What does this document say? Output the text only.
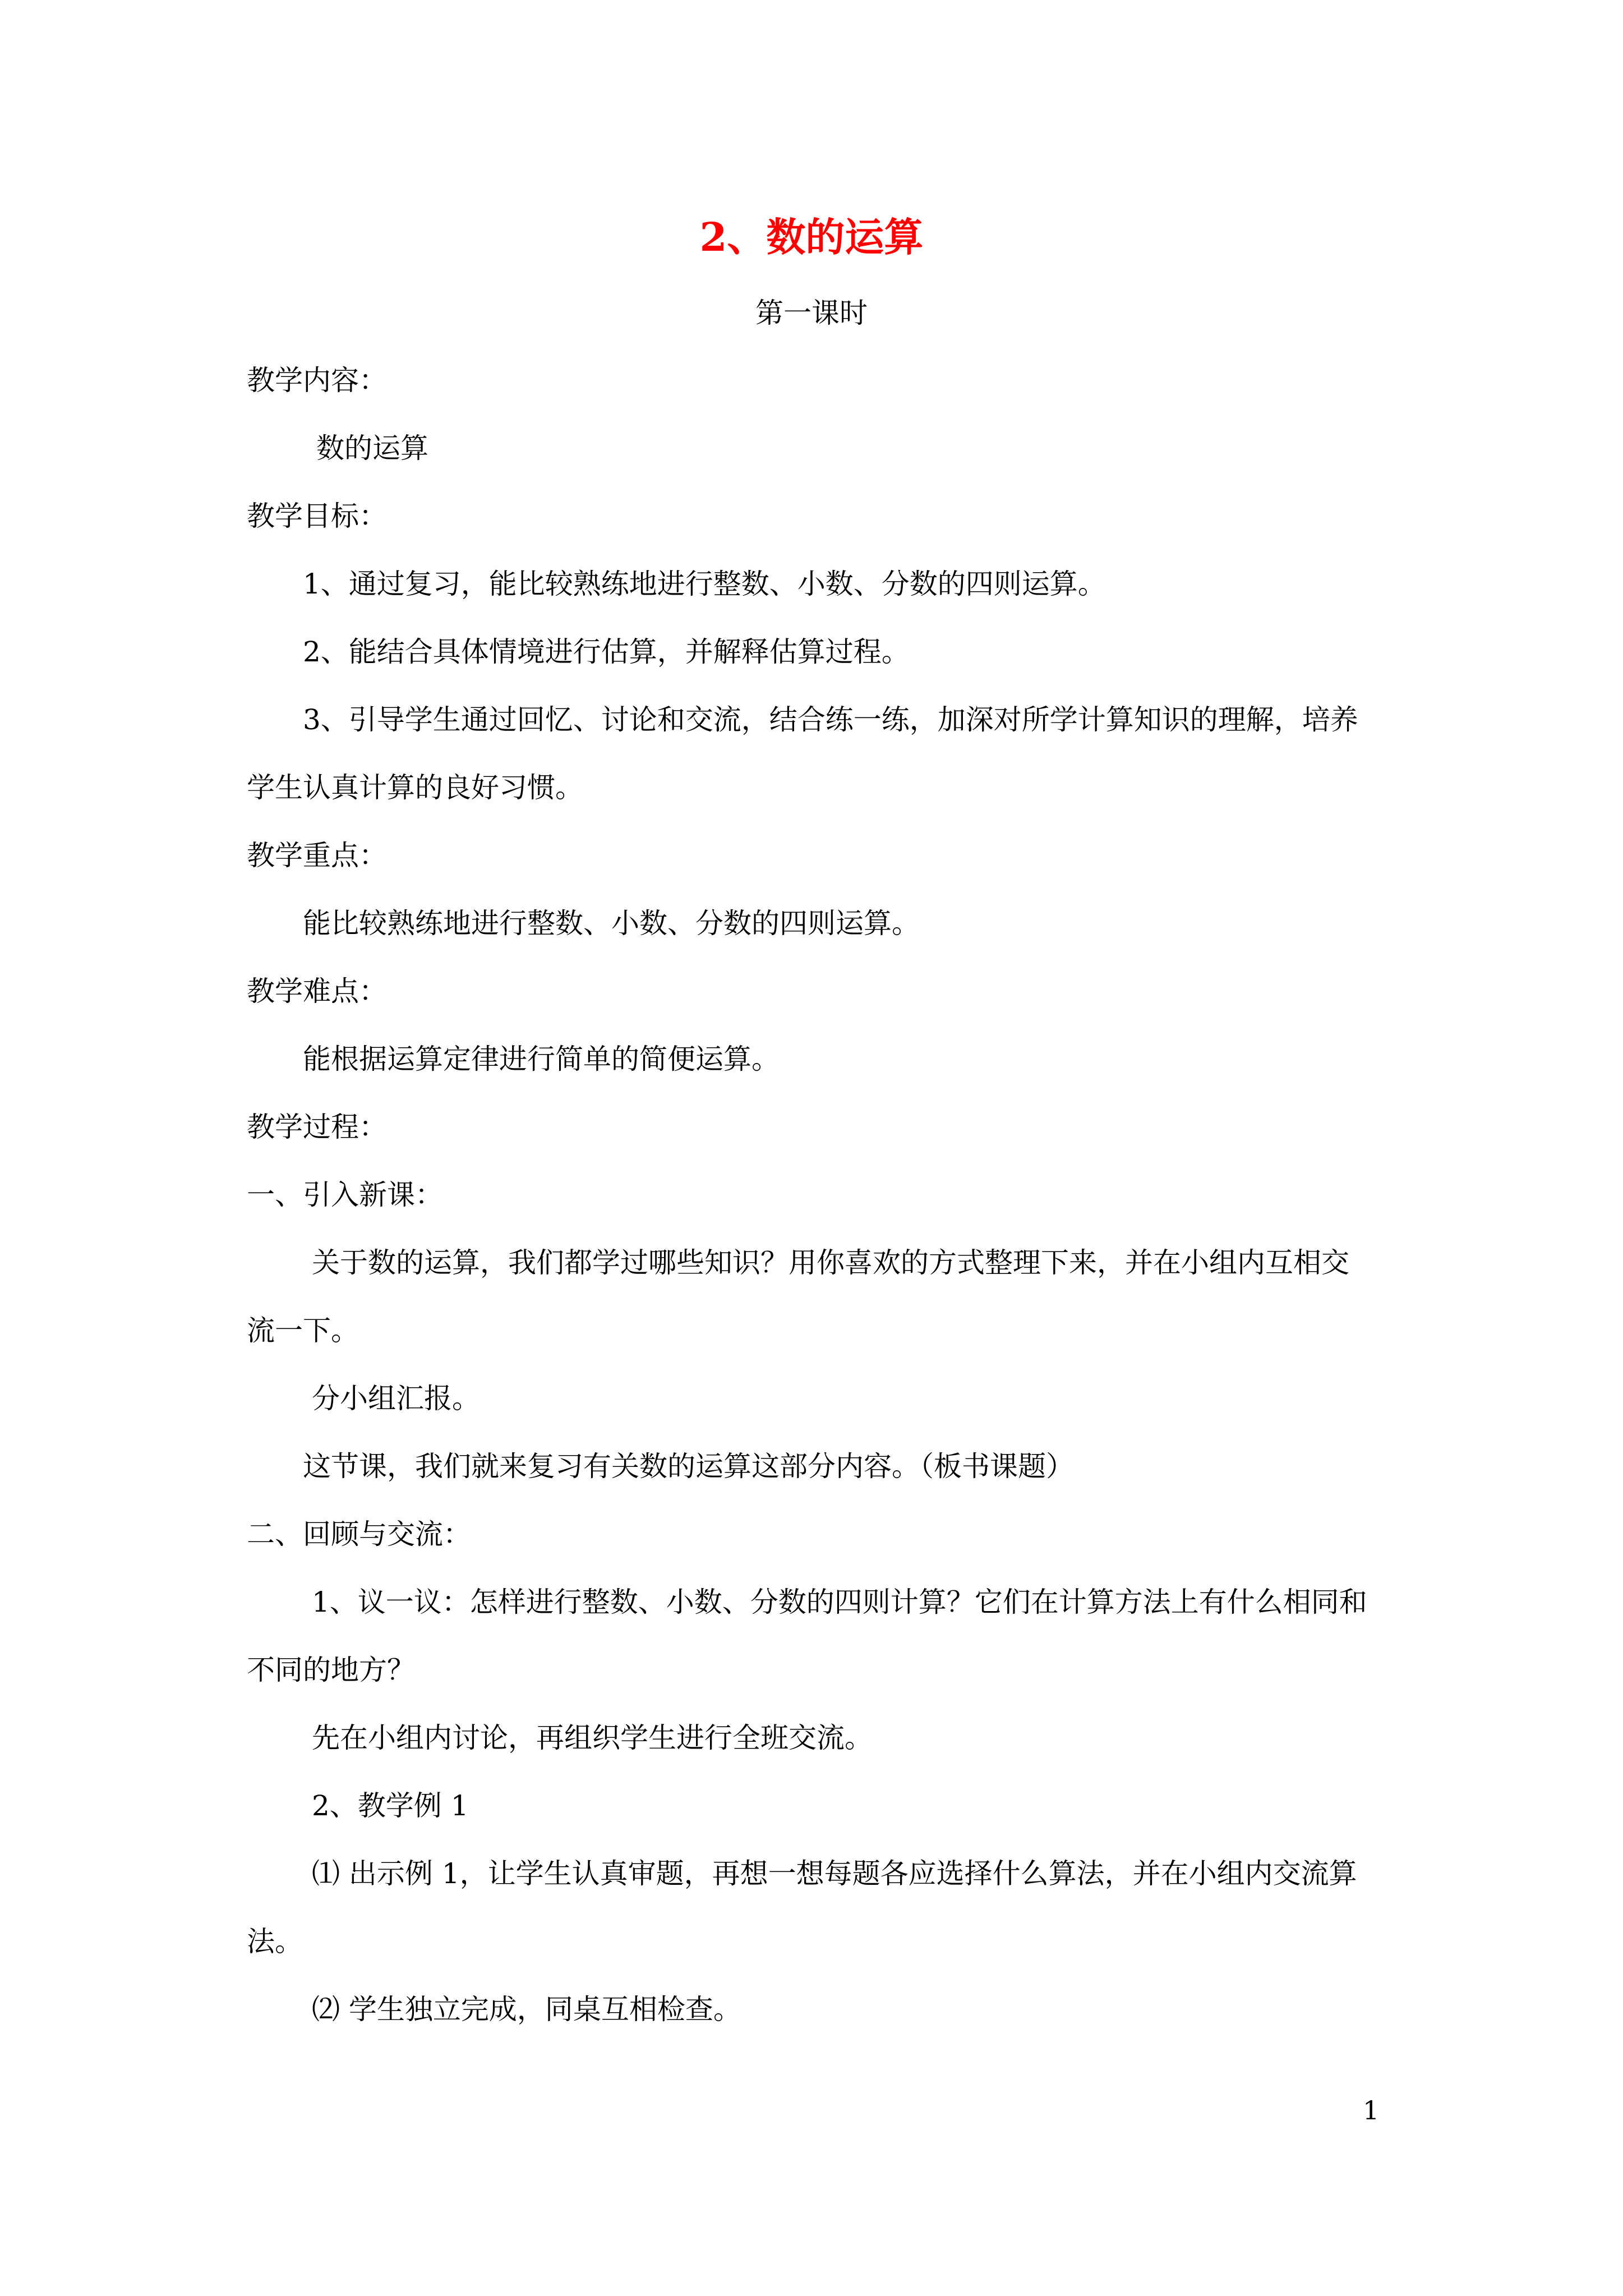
2、数的运算
第一课时
教学内容：
数的运算
教学目标：
1、通过复习，能比较熟练地进行整数、小数、分数的四则运算。
2、能结合具体情境进行估算，并解释估算过程。
3、引导学生通过回忆、讨论和交流，结合练一练，加深对所学计算知识的理解，培养
学生认真计算的良好习惯。
教学重点：
能比较熟练地进行整数、小数、分数的四则运算。
教学难点：
能根据运算定律进行简单的简便运算。
教学过程：
一、引入新课：
关于数的运算，我们都学过哪些知识？用你喜欢的方式整理下来，并在小组内互相交
流一下。
分小组汇报。
这节课，我们就来复习有关数的运算这部分内容。（板书课题）
二、回顾与交流：
1、议一议：怎样进行整数、小数、分数的四则计算？它们在计算方法上有什么相同和
不同的地方？
先在小组内讨论，再组织学生进行全班交流。
2、教学例 1
⑴ 出示例 1，让学生认真审题，再想一想每题各应选择什么算法，并在小组内交流算
法。
⑵ 学生独立完成，同桌互相检查。
1
